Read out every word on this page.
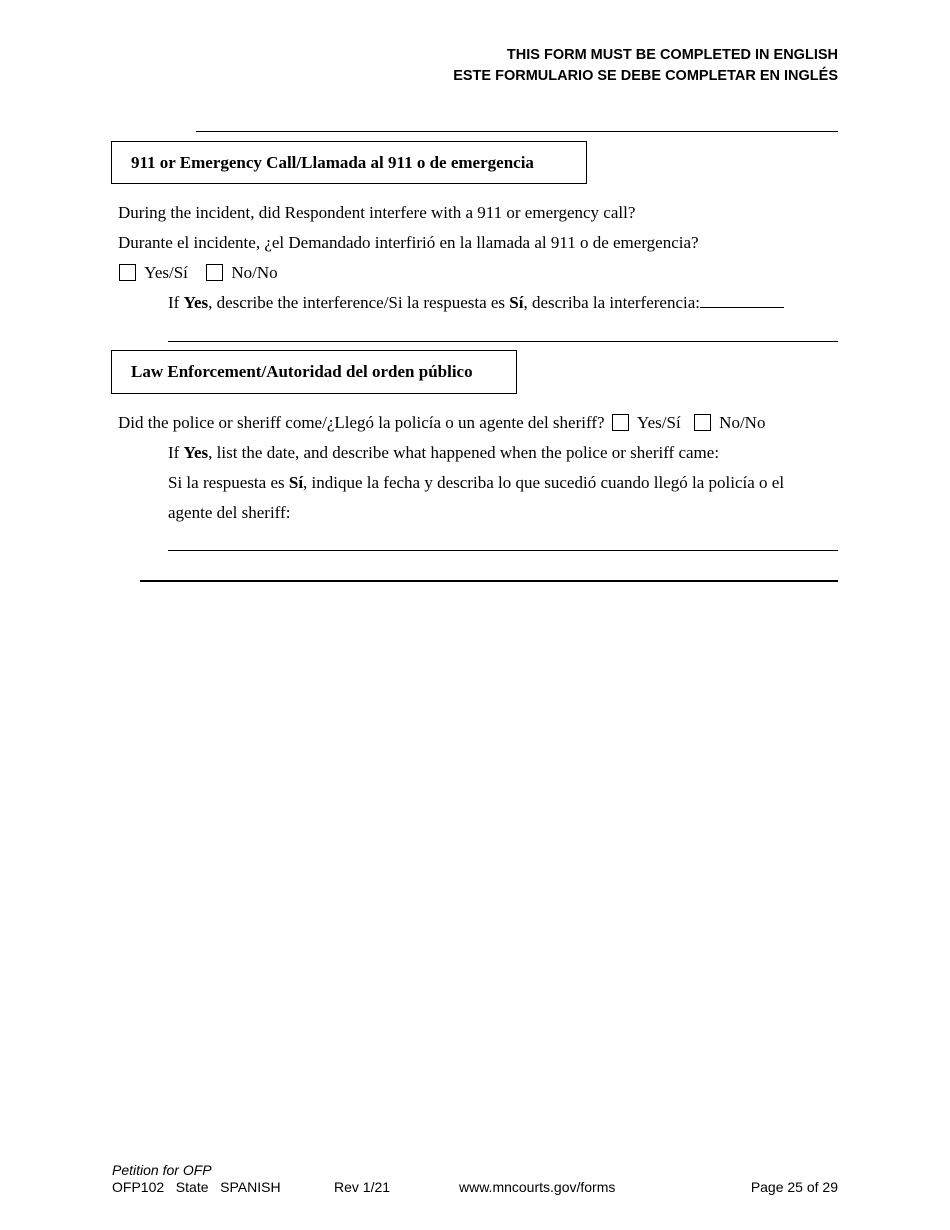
THIS FORM MUST BE COMPLETED IN ENGLISH
ESTE FORMULARIO SE DEBE COMPLETAR EN INGLÉS
911 or Emergency Call/Llamada al 911 o de emergencia
During the incident, did Respondent interfere with a 911 or emergency call?
Durante el incidente, ¿el Demandado interfirió en la llamada al 911 o de emergencia?
Yes/Sí	No/No
If Yes, describe the interference/Si la respuesta es Sí, describa la interferencia:
Law Enforcement/Autoridad del orden público
Did the police or sheriff come/¿Llegó la policía o un agente del sheriff? Yes/Sí No/No
If Yes, list the date, and describe what happened when the police or sheriff came:
Si la respuesta es Sí, indique la fecha y describa lo que sucedió cuando llegó la policía o el
agente del sheriff:
Petition for OFP
OFP102   State   SPANISH	Rev 1/21	www.mncourts.gov/forms	Page 25 of 29
